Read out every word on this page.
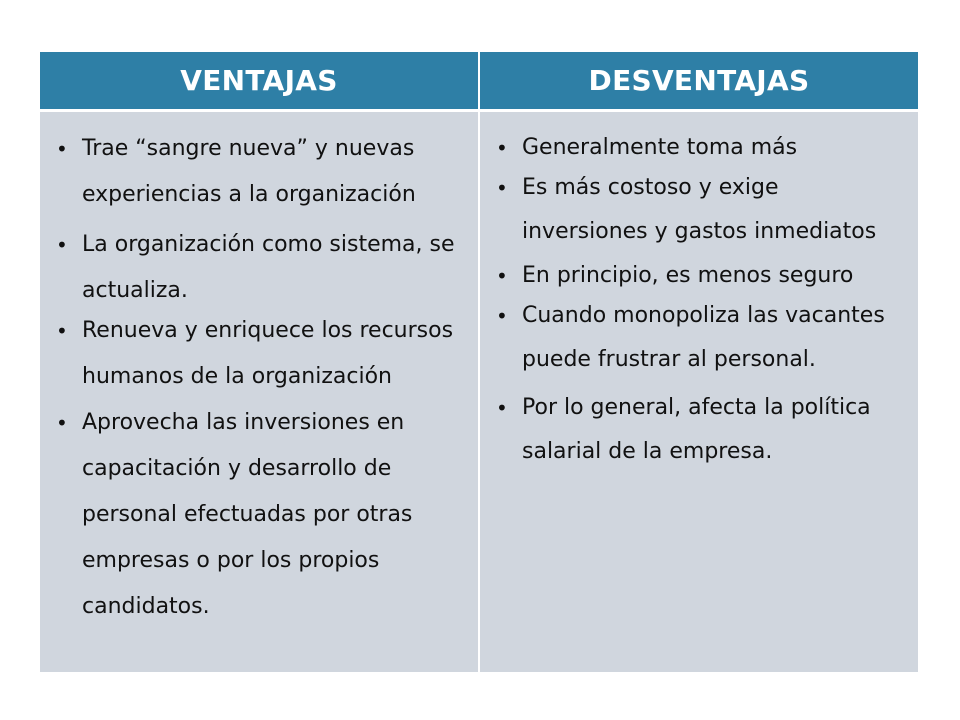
VENTAJAS	DESVENTAJAS
• Trae “sangre nueva” y nuevas experiencias a la organización
• La organización como sistema, se actualiza.
• Renueva y enriquece los recursos humanos de la organización
• Aprovecha las inversiones en capacitación y desarrollo de personal efectuadas por otras empresas o por los propios candidatos.
• Generalmente toma más
• Es más costoso y exige inversiones y gastos inmediatos
• En principio, es menos seguro
• Cuando monopoliza las vacantes puede frustrar al personal.
• Por lo general, afecta la política salarial de la empresa.
